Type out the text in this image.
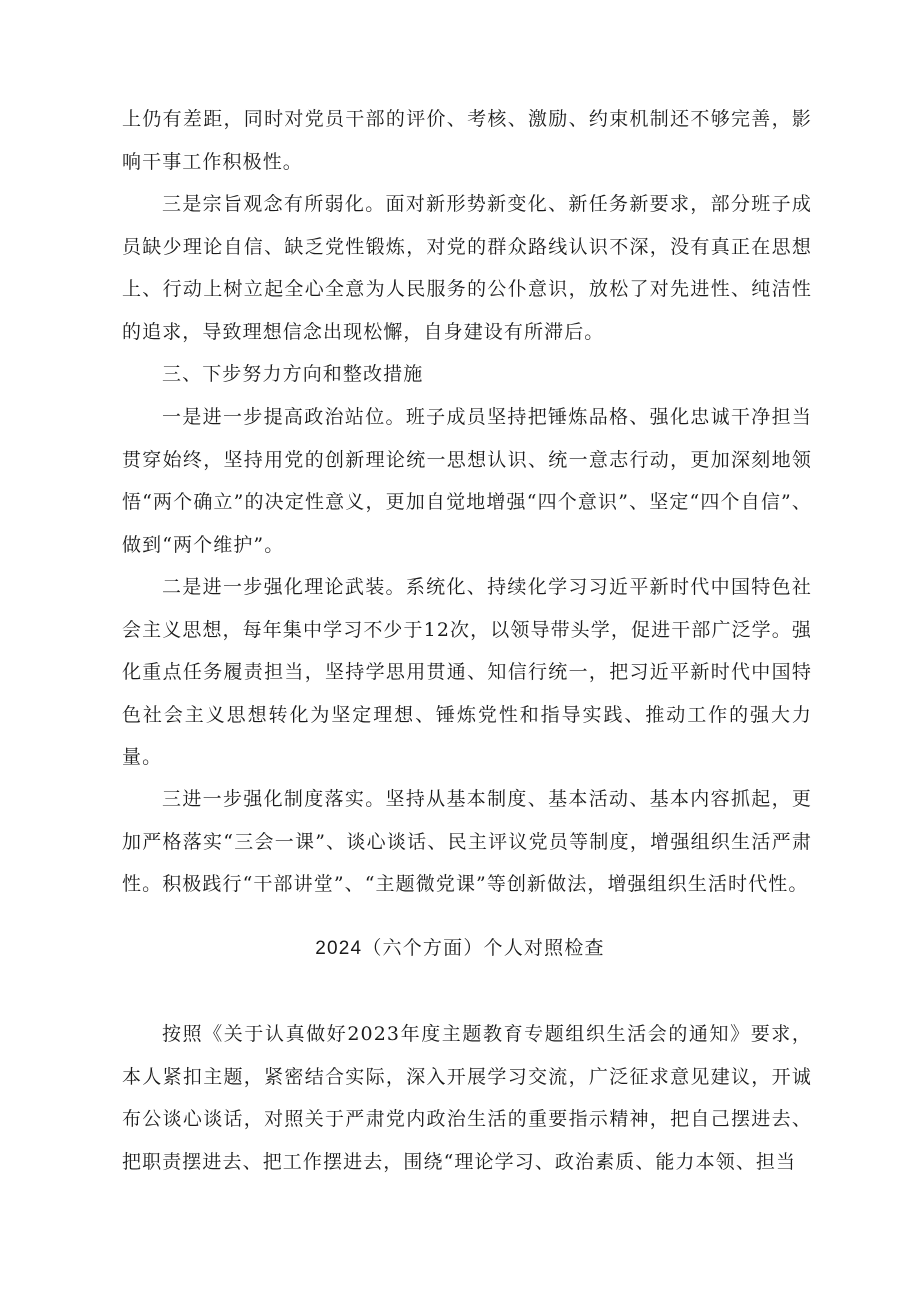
上仍有差距，同时对党员干部的评价、考核、激励、约束机制还不够完善，影响干事工作积极性。

三是宗旨观念有所弱化。面对新形势新变化、新任务新要求，部分班子成员缺少理论自信、缺乏党性锻炼，对党的群众路线认识不深，没有真正在思想上、行动上树立起全心全意为人民服务的公仆意识，放松了对先进性、纯洁性的追求，导致理想信念出现松懈，自身建设有所滞后。

三、下步努力方向和整改措施

一是进一步提高政治站位。班子成员坚持把锤炼品格、强化忠诚干净担当贯穿始终，坚持用党的创新理论统一思想认识、统一意志行动，更加深刻地领悟“两个确立”的决定性意义，更加自觉地增强“四个意识”、坚定“四个自信”、做到“两个维护”。

二是进一步强化理论武装。系统化、持续化学习习近平新时代中国特色社会主义思想，每年集中学习不少于12次，以领导带头学，促进干部广泛学。强化重点任务履责担当，坚持学思用贯通、知信行统一，把习近平新时代中国特色社会主义思想转化为坚定理想、锤炼党性和指导实践、推动工作的强大力量。

三进一步强化制度落实。坚持从基本制度、基本活动、基本内容抓起，更加严格落实“三会一课”、谈心谈话、民主评议党员等制度，增强组织生活严肃性。积极践行“干部讲堂”、“主题微党课”等创新做法，增强组织生活时代性。

2024（六个方面）个人对照检查

按照《关于认真做好2023年度主题教育专题组织生活会的通知》要求，本人紧扣主题，紧密结合实际，深入开展学习交流，广泛征求意见建议，开诚布公谈心谈话，对照关于严肃党内政治生活的重要指示精神，把自己摆进去、把职责摆进去、把工作摆进去，围绕“理论学习、政治素质、能力本领、担当
